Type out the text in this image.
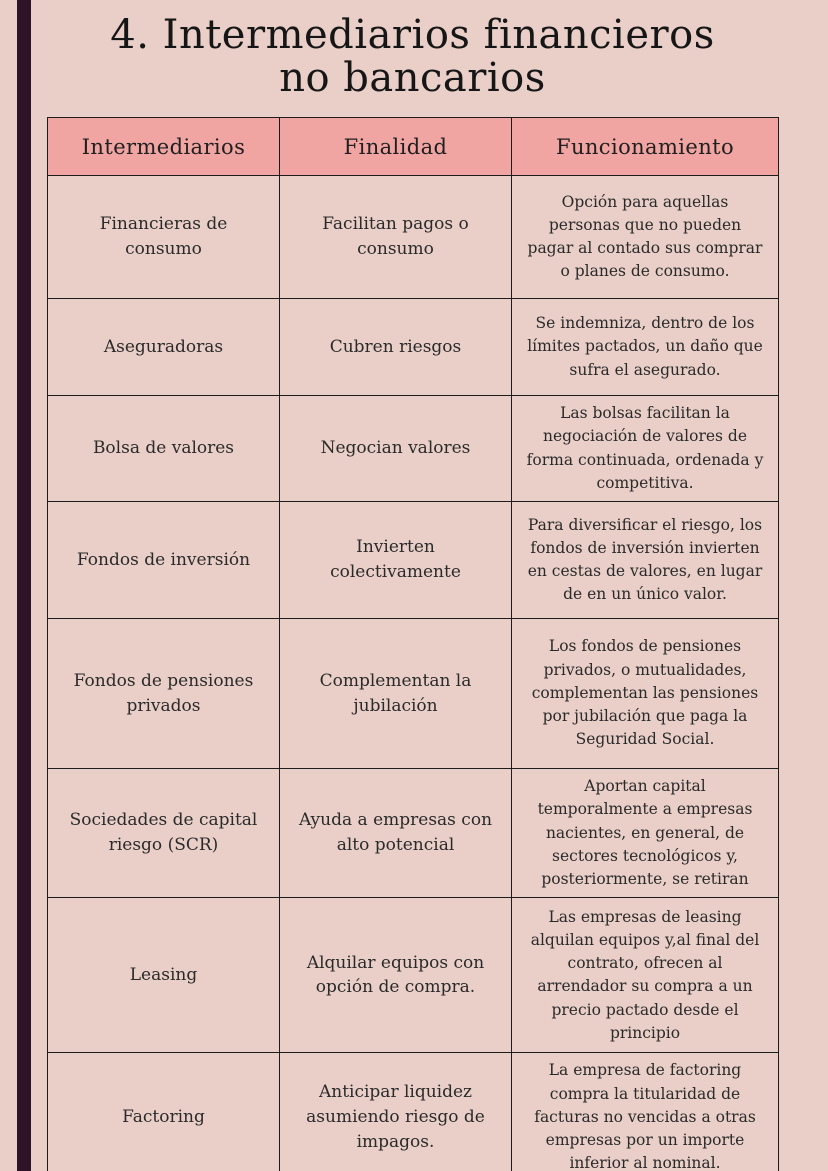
4. Intermediarios financieros
no bancarios
Intermediarios	Finalidad	Funcionamiento
Financieras de consumo	Facilitan pagos o consumo	Opción para aquellas personas que no pueden pagar al contado sus comprar o planes de consumo.
Aseguradoras	Cubren riesgos	Se indemniza, dentro de los límites pactados, un daño que sufra el asegurado.
Bolsa de valores	Negocian valores	Las bolsas facilitan la negociación de valores de forma continuada, ordenada y competitiva.
Fondos de inversión	Invierten colectivamente	Para diversificar el riesgo, los fondos de inversión invierten en cestas de valores, en lugar de en un único valor.
Fondos de pensiones privados	Complementan la jubilación	Los fondos de pensiones privados, o mutualidades, complementan las pensiones por jubilación que paga la Seguridad Social.
Sociedades de capital riesgo (SCR)	Ayuda a empresas con alto potencial	Aportan capital temporalmente a empresas nacientes, en general, de sectores tecnológicos y, posteriormente, se retiran
Leasing	Alquilar equipos con opción de compra.	Las empresas de leasing alquilan equipos y,al final del contrato, ofrecen al arrendador su compra a un precio pactado desde el principio
Factoring	Anticipar liquidez asumiendo riesgo de impagos.	La empresa de factoring compra la titularidad de facturas no vencidas a otras empresas por un importe inferior al nominal.
